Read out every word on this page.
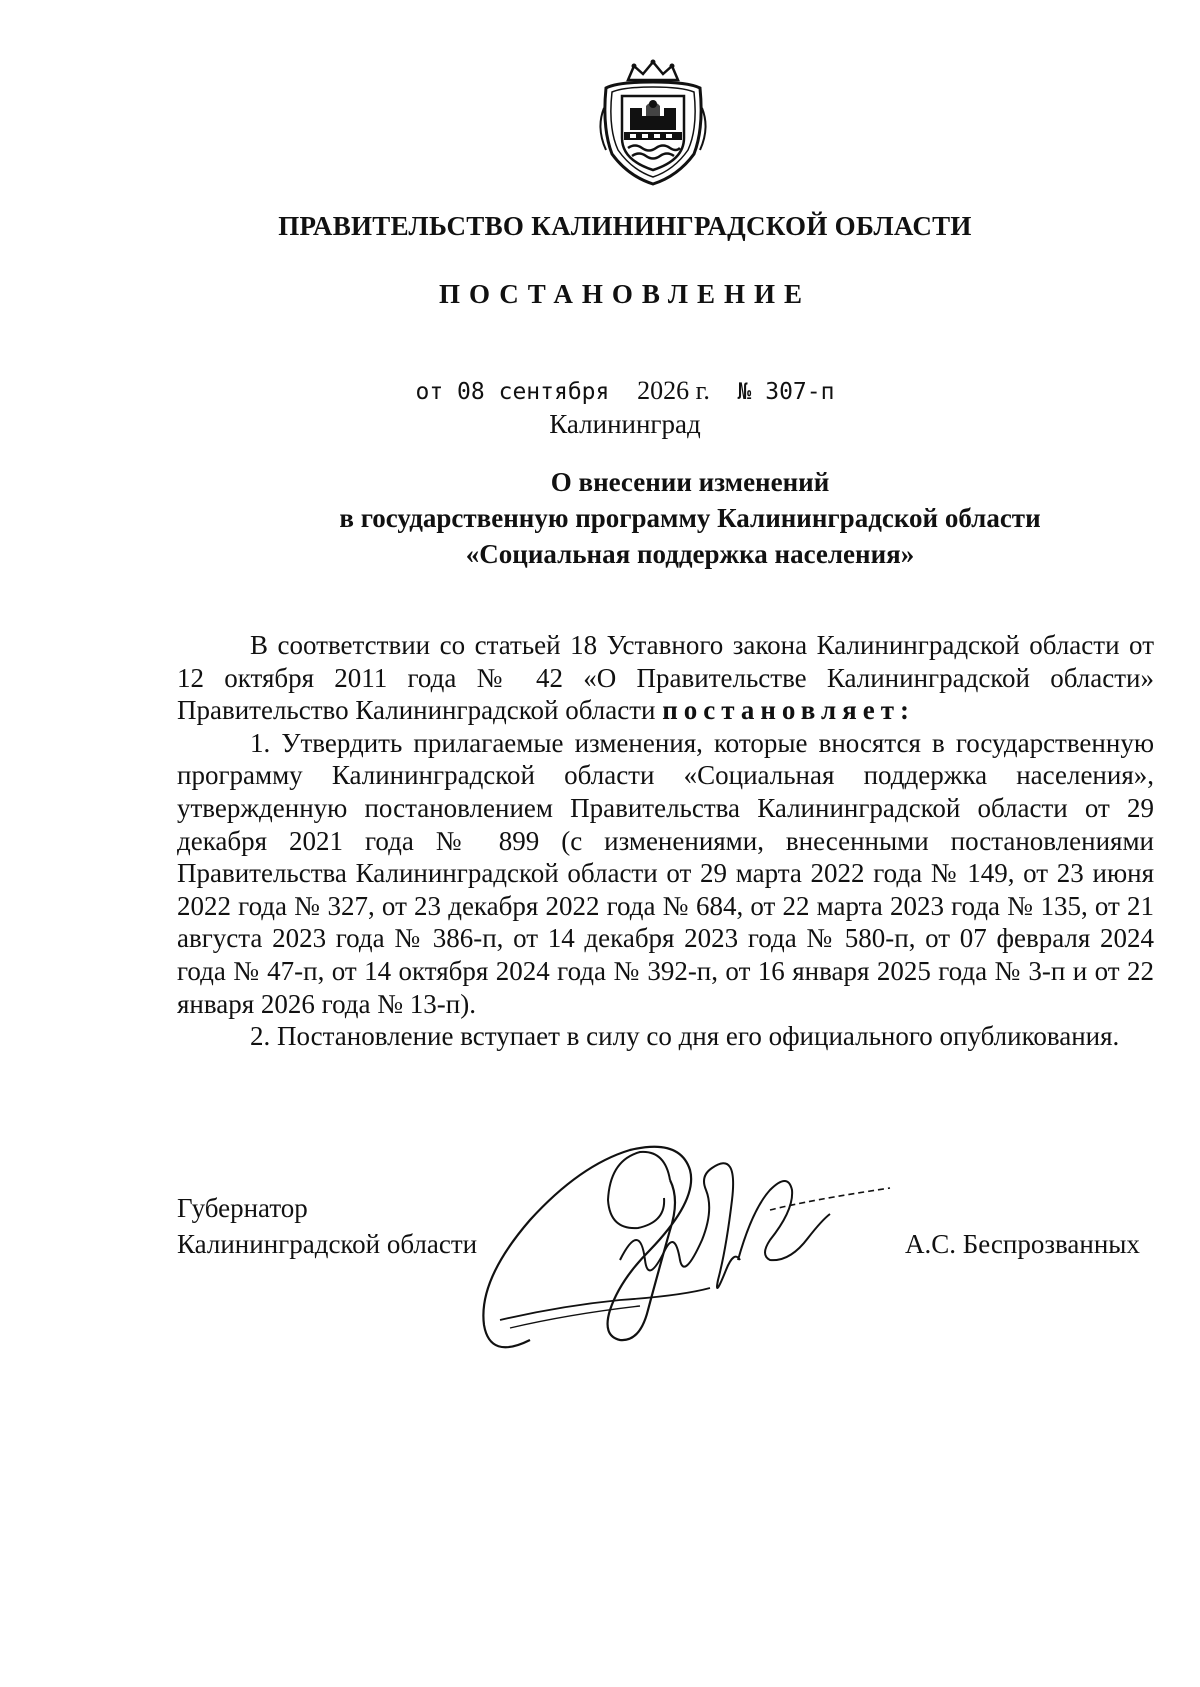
ПРАВИТЕЛЬСТВО КАЛИНИНГРАДСКОЙ ОБЛАСТИ
ПОСТАНОВЛЕНИЕ
от 08 сентября 2026 г. № 307-п
Калининград
О внесении изменений
в государственную программу Калининградской области
«Социальная поддержка населения»

В соответствии со статьей 18 Уставного закона Калининградской области от 12 октября 2011 года № 42 «О Правительстве Калининградской области» Правительство Калининградской области постановляет:

1. Утвердить прилагаемые изменения, которые вносятся в государственную программу Калининградской области «Социальная поддержка населения», утвержденную постановлением Правительства Калининградской области от 29 декабря 2021 года № 899 (с изменениями, внесенными постановлениями Правительства Калининградской области от 29 марта 2022 года № 149, от 23 июня 2022 года № 327, от 23 декабря 2022 года № 684, от 22 марта 2023 года № 135, от 21 августа 2023 года № 386-п, от 14 декабря 2023 года № 580-п, от 07 февраля 2024 года № 47-п, от 14 октября 2024 года № 392-п, от 16 января 2025 года № 3-п и от 22 января 2026 года № 13-п).

2. Постановление вступает в силу со дня его официального опубликования.

Губернатор
Калининградской области	А.С. Беспрозванных
